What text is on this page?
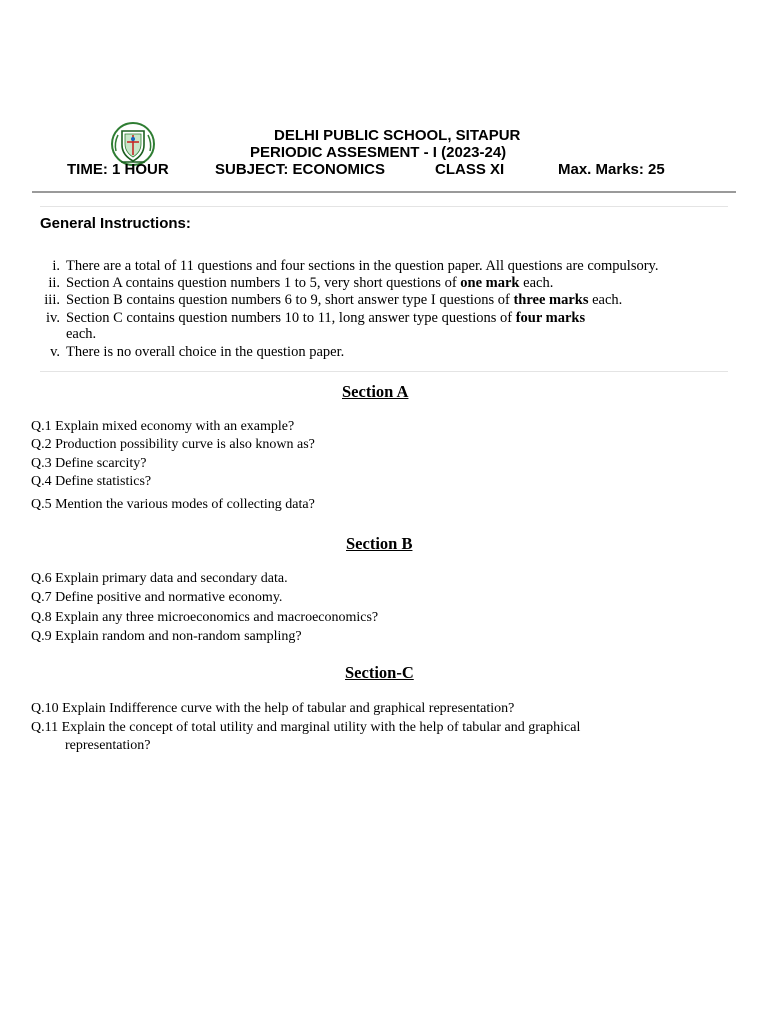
DELHI PUBLIC SCHOOL, SITAPUR
PERIODIC ASSESMENT - I (2023-24)
TIME: 1 HOUR	SUBJECT: ECONOMICS	CLASS XI	Max. Marks: 25
General Instructions:
i. There are a total of 11 questions and four sections in the question paper. All questions are compulsory.
ii. Section A contains question numbers 1 to 5, very short questions of one mark each.
iii. Section B contains question numbers 6 to 9, short answer type I questions of three marks each.
iv. Section C contains question numbers 10 to 11, long answer type questions of four marks
each.
v. There is no overall choice in the question paper.
Section A
Q.1 Explain mixed economy with an example?
Q.2 Production possibility curve is also known as?
Q.3 Define scarcity?
Q.4 Define statistics?
Q.5 Mention the various modes of collecting data?
Section B
Q.6 Explain primary data and secondary data.
Q.7 Define positive and normative economy.
Q.8 Explain any three microeconomics and macroeconomics?
Q.9 Explain random and non-random sampling?
Section-C
Q.10 Explain Indifference curve with the help of tabular and graphical representation?
Q.11 Explain the concept of total utility and marginal utility with the help of tabular and graphical
representation?
